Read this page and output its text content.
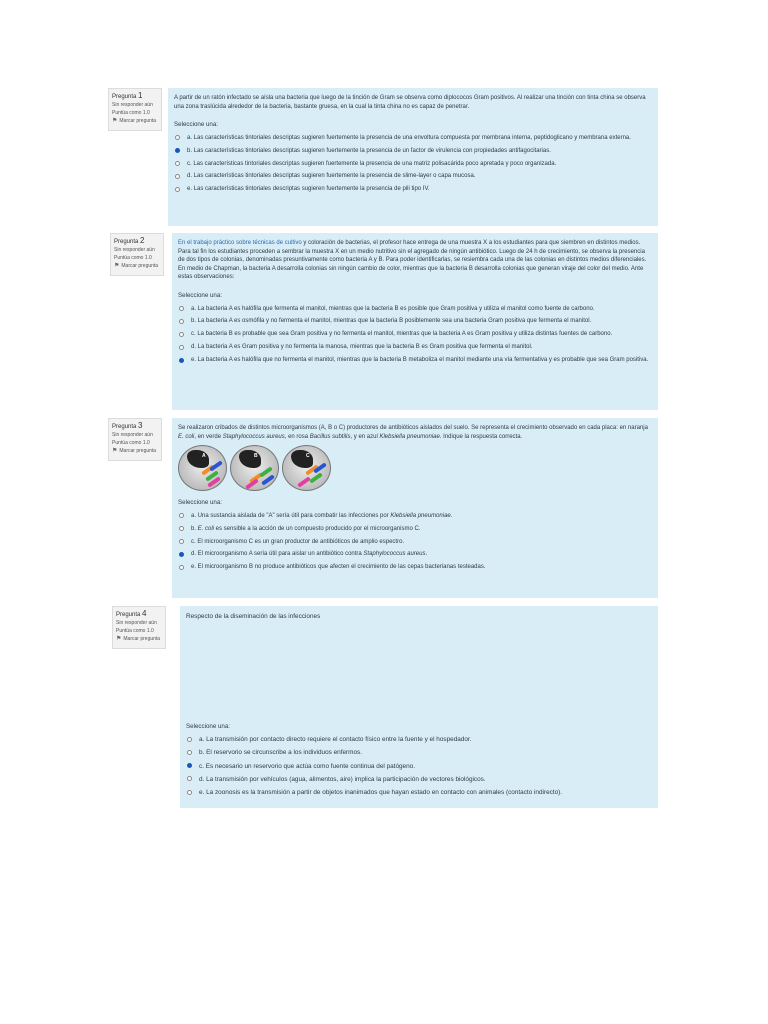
Pregunta 1
Sin responder aún
Puntúa como 1.0
⚑ Marcar pregunta
A partir de un ratón infectado se aísla una bacteria que luego de la tinción de Gram se observa como diplococos Gram positivos. Al realizar una tinción con tinta china se observa una zona traslúcida alrededor de la bacteria, bastante gruesa, en la cual la tinta china no es capaz de penetrar.
Seleccione una:
a. Las características tintoriales descriptas sugieren fuertemente la presencia de una envoltura compuesta por membrana interna, peptidoglicano y membrana externa.
b. Las características tintoriales descriptas sugieren fuertemente la presencia de un factor de virulencia con propiedades antifagocitarias.
c. Las características tintoriales descriptas sugieren fuertemente la presencia de una matriz polisacárida poco apretada y poco organizada.
d. Las características tintoriales descriptas sugieren fuertemente la presencia de slime-layer o capa mucosa.
e. Las características tintoriales descriptas sugieren fuertemente la presencia de pili tipo IV.
Pregunta 2
Sin responder aún
Puntúa como 1.0
⚑ Marcar pregunta
En el trabajo práctico sobre técnicas de cultivo y coloración de bacterias, el profesor hace entrega de una muestra X a los estudiantes para que siembren en distintos medios. Para tal fin los estudiantes proceden a sembrar la muestra X en un medio nutritivo sin el agregado de ningún antibiótico. Luego de 24 h de crecimiento, se observa la presencia de dos tipos de colonias, denominadas presuntivamente como bacteria A y B. Para poder identificarlas, se resiembra cada una de las colonias en distintos medios diferenciales. En medio de Chapman, la bacteria A desarrolla colonias sin ningún cambio de color, mientras que la bacteria B desarrolla colonias que generan viraje del color del medio. Ante estas observaciones:
Seleccione una:
a. La bacteria A es halófila que fermenta el manitol, mientras que la bacteria B es posible que Gram positiva y utiliza el manitol como fuente de carbono.
b. La bacteria A es osmófila y no fermenta el manitol, mientras que la bacteria B posiblemente sea una bacteria Gram positiva que fermenta el manitol.
c. La bacteria B es probable que sea Gram positiva y no fermenta el manitol, mientras que la bacteria A es Gram positiva y utiliza distintas fuentes de carbono.
d. La bacteria A es Gram positiva y no fermenta la manosa, mientras que la bacteria B es Gram positiva que fermenta el manitol.
e. La bacteria A es halófila que no fermenta el manitol, mientras que la bacteria B metaboliza el manitol mediante una vía fermentativa y es probable que sea Gram positiva.
Pregunta 3
Sin responder aún
Puntúa como 1.0
⚑ Marcar pregunta
Se realizaron cribados de distintos microorganismos (A, B o C) productores de antibióticos aislados del suelo. Se representa el crecimiento observado en cada placa: en naranja E. coli, en verde Staphylococcus aureus, en rosa Bacillus subtilis, y en azul Klebsiella pneumoniae. Indique la respuesta correcta.
A	B	C
Seleccione una:
a. Una sustancia aislada de "A" sería útil para combatir las infecciones por Klebsiella pneumoniae.
b. E. coli es sensible a la acción de un compuesto producido por el microorganismo C.
c. El microorganismo C es un gran productor de antibióticos de amplio espectro.
d. El microorganismo A sería útil para aislar un antibiótico contra Staphylococcus aureus.
e. El microorganismo B no produce antibióticos que afecten el crecimiento de las cepas bacterianas testeadas.
Pregunta 4
Sin responder aún
Puntúa como 1.0
⚑ Marcar pregunta
Respecto de la diseminación de las infecciones
Seleccione una:
a. La transmisión por contacto directo requiere el contacto físico entre la fuente y el hospedador.
b. El reservorio se circunscribe a los individuos enfermos.
c. Es necesario un reservorio que actúa como fuente continua del patógeno.
d. La transmisión por vehículos (agua, alimentos, aire) implica la participación de vectores biológicos.
e. La zoonosis es la transmisión a partir de objetos inanimados que hayan estado en contacto con animales (contacto indirecto).
